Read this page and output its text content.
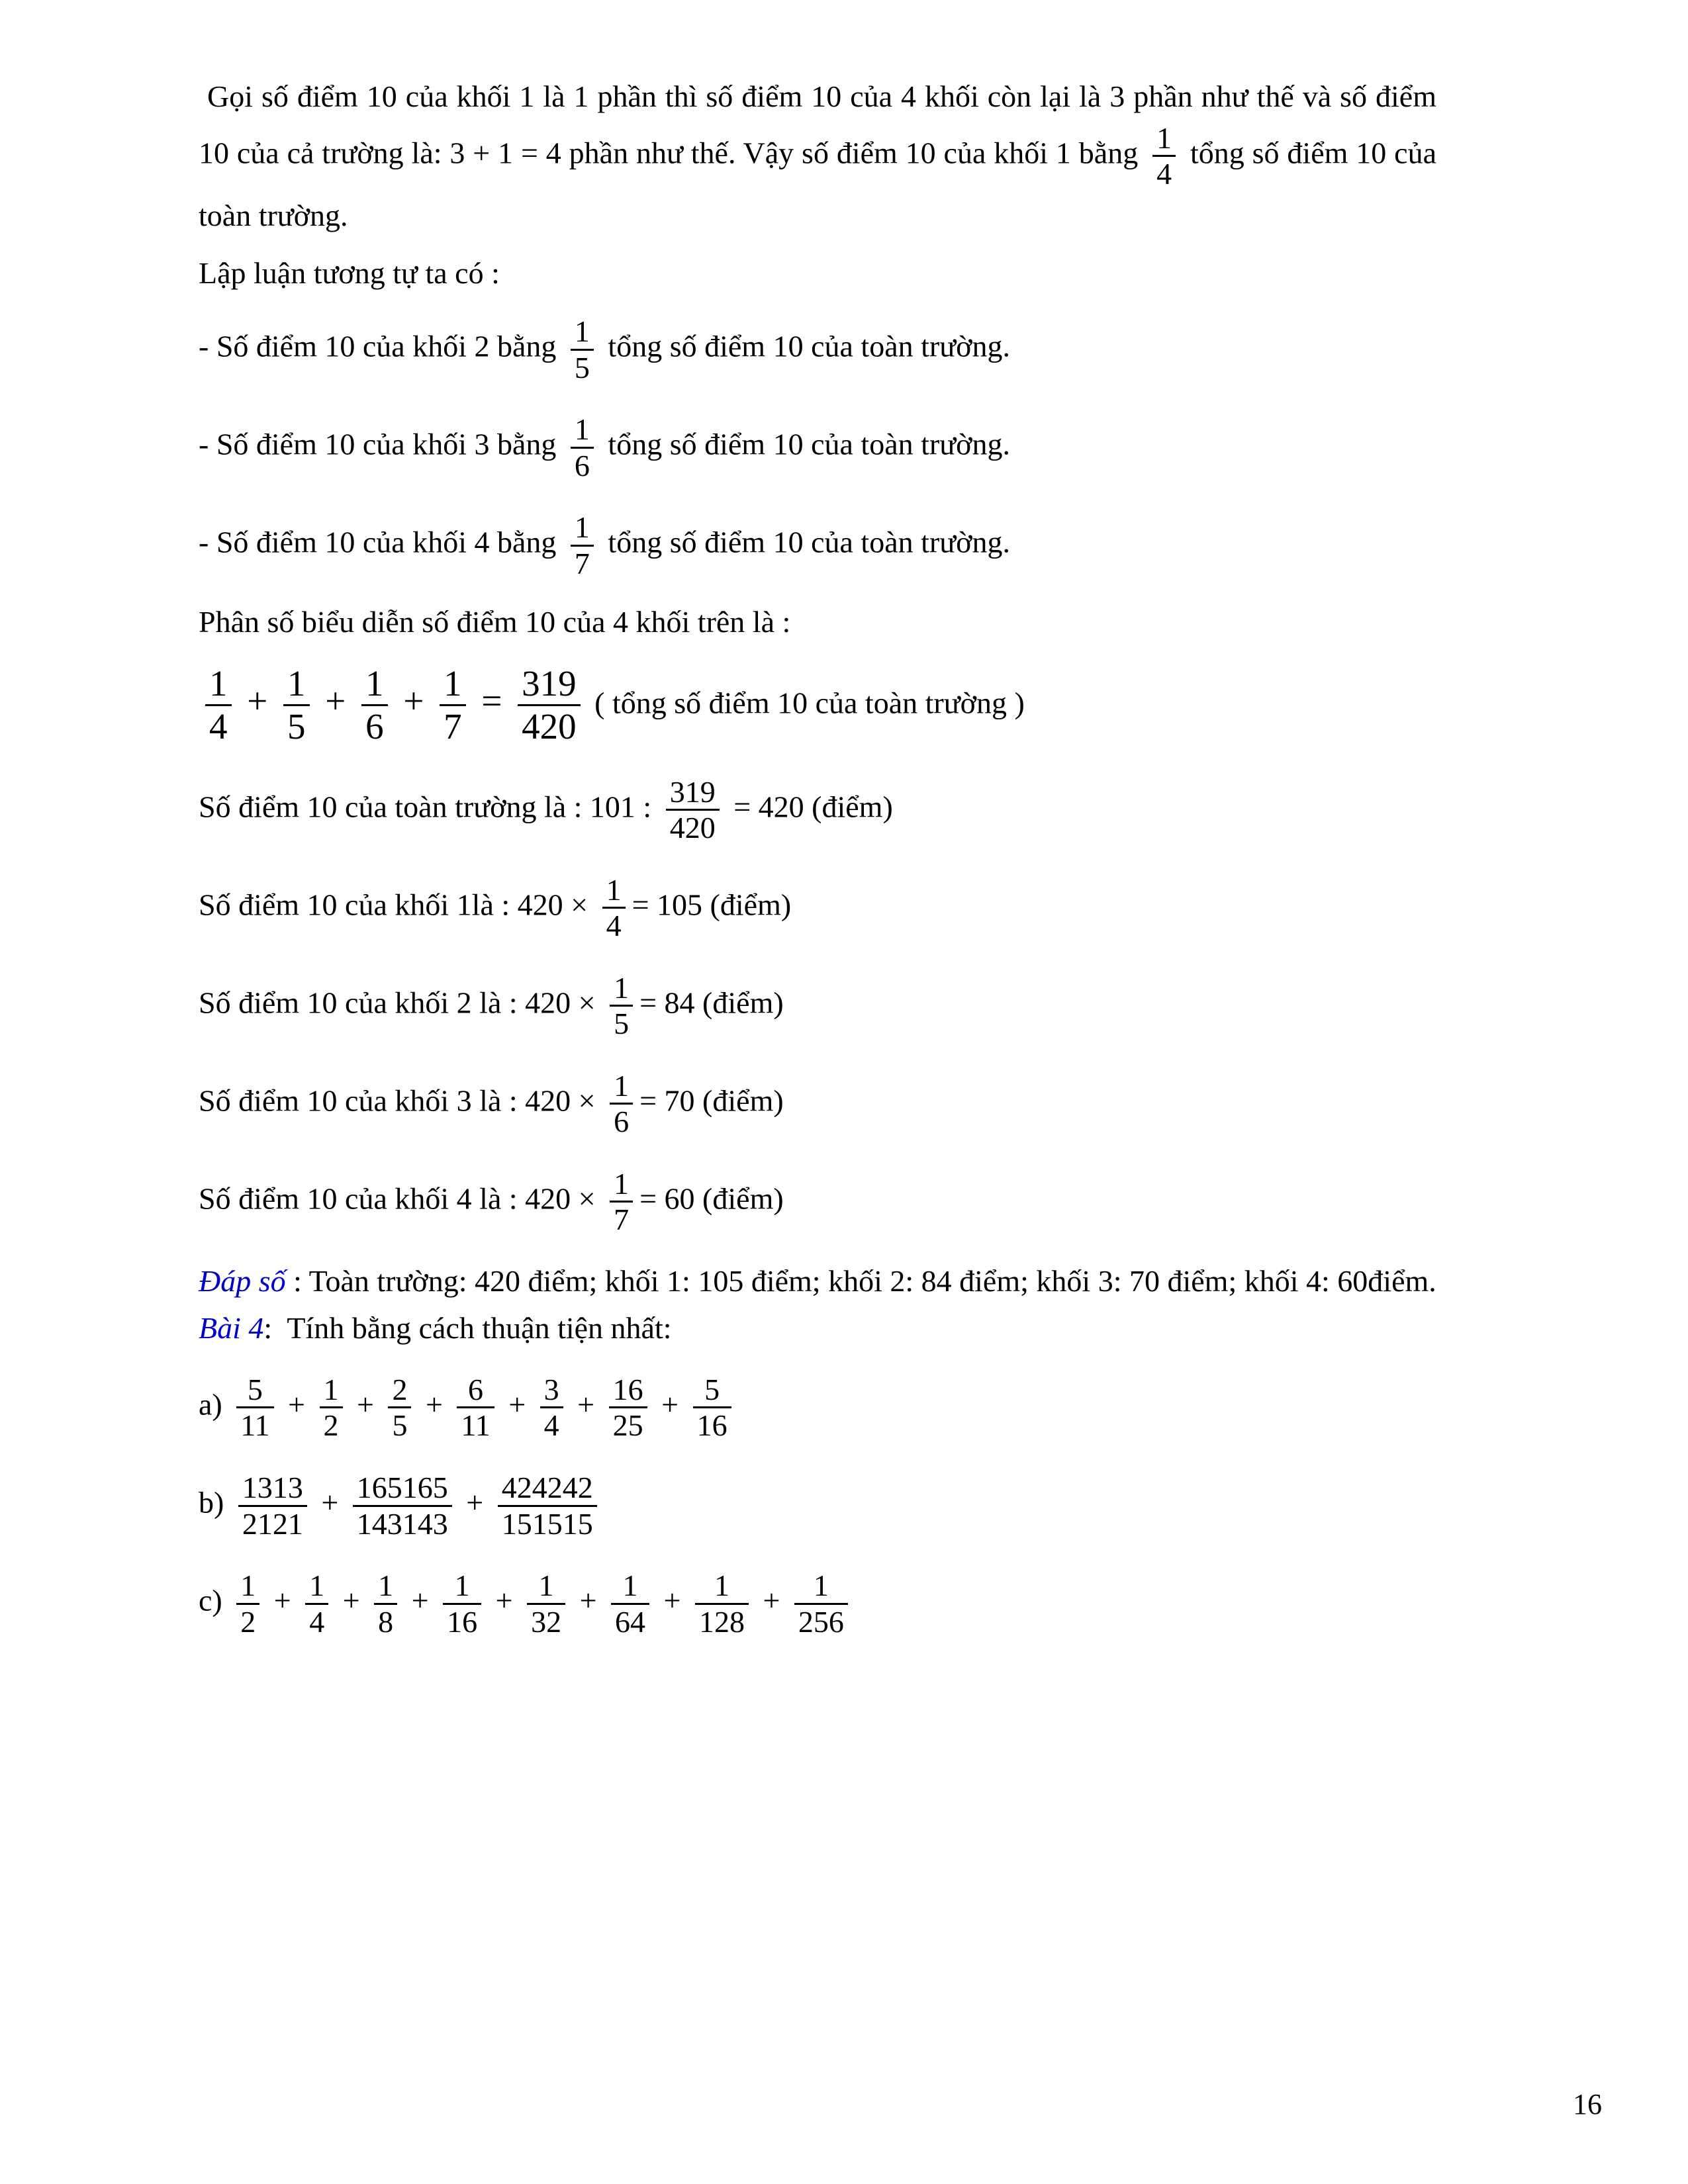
Gọi số điểm 10 của khối 1 là 1 phần thì số điểm 10 của 4 khối còn lại là 3 phần như thế và số điểm 10 của cả trường là: 3 + 1 = 4 phần như thế. Vậy số điểm 10 của khối 1 bằng $\frac{1}{4}$ tổng số điểm 10 của toàn trường.
Lập luận tương tự ta có :
- Số điểm 10 của khối 2 bằng $\frac{1}{5}$ tổng số điểm 10 của toàn trường.
- Số điểm 10 của khối 3 bằng $\frac{1}{6}$ tổng số điểm 10 của toàn trường.
- Số điểm 10 của khối 4 bằng $\frac{1}{7}$ tổng số điểm 10 của toàn trường.
Phân số biểu diễn số điểm 10 của 4 khối trên là :
$\frac{1}{4} + \frac{1}{5} + \frac{1}{6} + \frac{1}{7} = \frac{319}{420}$ ( tổng số điểm 10 của toàn trường )
Số điểm 10 của toàn trường là : 101 : $\frac{319}{420} = 420$ (điểm)
Số điểm 10 của khối 1là : $420 \times \frac{1}{4} = 105$ (điểm)
Số điểm 10 của khối 2 là : $420 \times \frac{1}{5} = 84$ (điểm)
Số điểm 10 của khối 3 là : $420 \times \frac{1}{6} = 70$ (điểm)
Số điểm 10 của khối 4 là : $420 \times \frac{1}{7} = 60$ (điểm)
Đáp số : Toàn trường: 420 điểm; khối 1: 105 điểm; khối 2: 84 điểm; khối 3: 70 điểm; khối 4: 60điểm.
Bài 4:  Tính bằng cách thuận tiện nhất:
$a) \frac{5}{11} + \frac{1}{2} + \frac{2}{5} + \frac{6}{11} + \frac{3}{4} + \frac{16}{25} + \frac{5}{16}$
$b) \frac{1313}{2121} + \frac{165165}{143143} + \frac{424242}{151515}$
$c) \frac{1}{2} + \frac{1}{4} + \frac{1}{8} + \frac{1}{16} + \frac{1}{32} + \frac{1}{64} + \frac{1}{128} + \frac{1}{256}$
16
